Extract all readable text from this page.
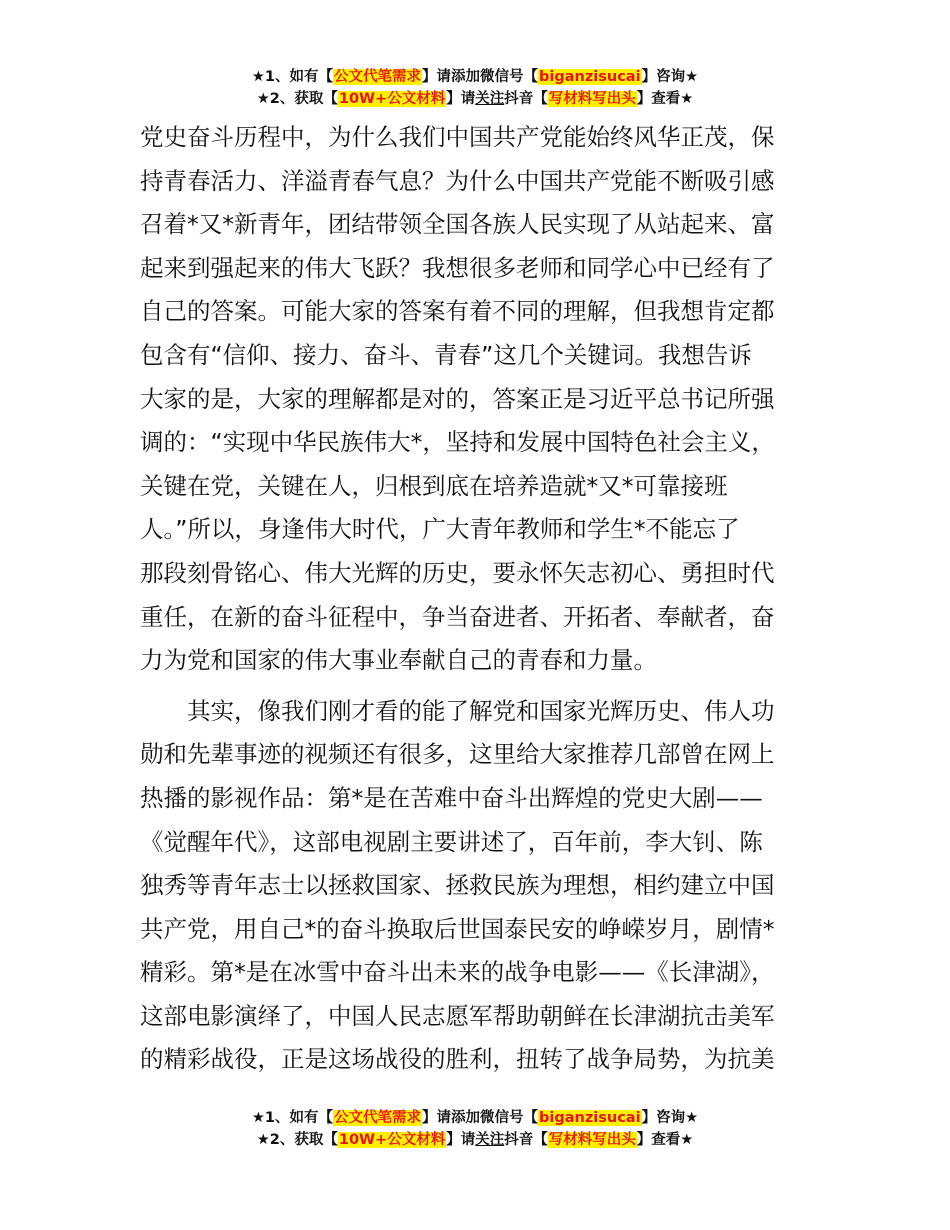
★1、如有【公文代笔需求】请添加微信号【biganzisucai】咨询★
★2、获取【10W+公文材料】请关注抖音【写材料写出头】查看★
党史奋斗历程中，为什么我们中国共产党能始终风华正茂，保
持青春活力、洋溢青春气息？为什么中国共产党能不断吸引感
召着*又*新青年，团结带领全国各族人民实现了从站起来、富
起来到强起来的伟大飞跃？我想很多老师和同学心中已经有了
自己的答案。可能大家的答案有着不同的理解，但我想肯定都
包含有“信仰、接力、奋斗、青春”这几个关键词。我想告诉
大家的是，大家的理解都是对的，答案正是习近平总书记所强
调的：“实现中华民族伟大*，坚持和发展中国特色社会主义，
关键在党，关键在人，归根到底在培养造就*又*可靠接班
人。”所以，身逢伟大时代，广大青年教师和学生*不能忘了
那段刻骨铭心、伟大光辉的历史，要永怀矢志初心、勇担时代
重任，在新的奋斗征程中，争当奋进者、开拓者、奉献者，奋
力为党和国家的伟大事业奉献自己的青春和力量。
其实，像我们刚才看的能了解党和国家光辉历史、伟人功
勋和先辈事迹的视频还有很多，这里给大家推荐几部曾在网上
热播的影视作品：第*是在苦难中奋斗出辉煌的党史大剧——
《觉醒年代》，这部电视剧主要讲述了，百年前，李大钊、陈
独秀等青年志士以拯救国家、拯救民族为理想，相约建立中国
共产党，用自己*的奋斗换取后世国泰民安的峥嵘岁月，剧情*
精彩。第*是在冰雪中奋斗出未来的战争电影——《长津湖》，
这部电影演绎了，中国人民志愿军帮助朝鲜在长津湖抗击美军
的精彩战役，正是这场战役的胜利，扭转了战争局势，为抗美
★1、如有【公文代笔需求】请添加微信号【biganzisucai】咨询★
★2、获取【10W+公文材料】请关注抖音【写材料写出头】查看★
